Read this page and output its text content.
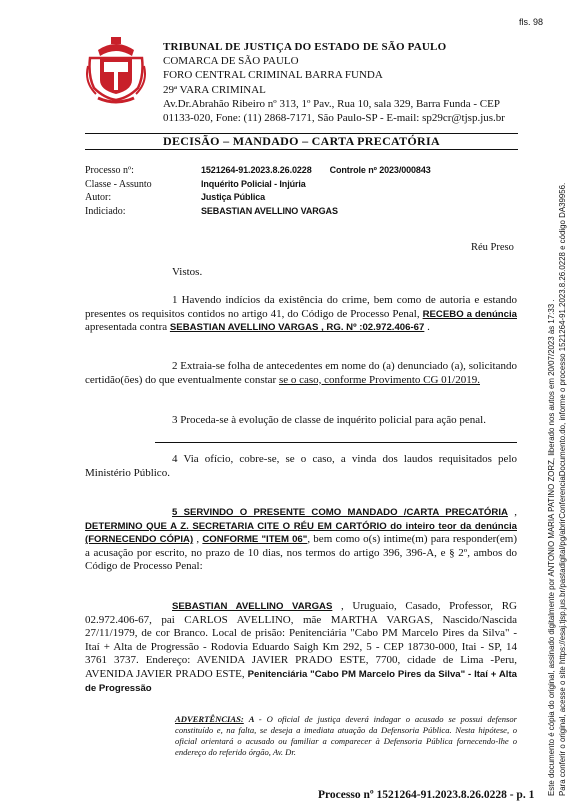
fls. 98
TRIBUNAL DE JUSTIÇA DO ESTADO DE SÃO PAULO
COMARCA DE SÃO PAULO
FORO CENTRAL CRIMINAL BARRA FUNDA
29ª VARA CRIMINAL
Av.Dr.Abrahão Ribeiro nº 313, 1º Pav., Rua 10, sala 329, Barra Funda - CEP
01133-020, Fone: (11) 2868-7171, São Paulo-SP - E-mail: sp29cr@tjsp.jus.br
DECISÃO – MANDADO – CARTA PRECATÓRIA
Processo nº:	1521264-91.2023.8.26.0228 Controle nº 2023/000843
Classe - Assunto	Inquérito Policial - Injúria
Autor:	Justiça Pública
Indiciado:	SEBASTIAN AVELLINO VARGAS
Réu Preso

Vistos.

1 Havendo indícios da existência do crime, bem como de autoria e estando presentes os requisitos contidos no artigo 41, do Código de Processo Penal, RECEBO a denúncia apresentada contra SEBASTIAN AVELLINO VARGAS , RG. Nº :02.972.406-67 .

2 Extraia-se folha de antecedentes em nome do (a) denunciado (a), solicitando certidão(ões) do que eventualmente constar se o caso, conforme Provimento CG 01/2019.

3 Proceda-se à evolução de classe de inquérito policial para ação penal.

4 Via ofício, cobre-se, se o caso, a vinda dos laudos requisitados pelo Ministério Público.

5 SERVINDO O PRESENTE COMO MANDADO /CARTA PRECATÓRIA , DETERMINO QUE A Z. SECRETARIA CITE O RÉU EM CARTÓRIO do inteiro teor da denúncia (FORNECENDO CÓPIA) , CONFORME "ITEM 06", bem como o(s) intime(m) para responder(em) a acusação por escrito, no prazo de 10 dias, nos termos do artigo 396, 396-A, e § 2º, ambos do Código de Processo Penal:

SEBASTIAN AVELLINO VARGAS , Uruguaio, Casado, Professor, RG 02.972.406-67, pai CARLOS AVELLINO, mãe MARTHA VARGAS, Nascido/Nascida 27/11/1979, de cor Branco. Local de prisão: Penitenciária "Cabo PM Marcelo Pires da Silva" - Itaí + Alta de Progressão - Rodovia Eduardo Saigh Km 292, 5 - CEP 18730-000, Itai - SP, 14 3761 3737. Endereço: AVENIDA JAVIER PRADO ESTE, 7700, cidade de Lima -Peru, AVENIDA JAVIER PRADO ESTE, Penitenciária "Cabo PM Marcelo Pires da Silva" - Itaí + Alta de Progressão

ADVERTÊNCIAS: A - O oficial de justiça deverá indagar o acusado se possui defensor constituído e, na falta, se deseja a imediata atuação da Defensoria Pública. Nesta hipótese, o oficial orientará o acusado ou familiar a comparecer à Defensoria Pública fornecendo-lhe o endereço do referido órgão, Av. Dr.
Processo nº 1521264-91.2023.8.26.0228 - p. 1 Este documento é cópia do original, assinado digitalmente por ANTONIO MARIA PATINO ZORZ, liberado nos autos em 20/07/2023 às 17:33 . Para conferir o original, acesse o site https://esaj.tjsp.jus.br/pastadigital/pg/abrirConferenciaDocumento.do, informe o processo 1521264-91.2023.8.26.0228 e código DA39956.
